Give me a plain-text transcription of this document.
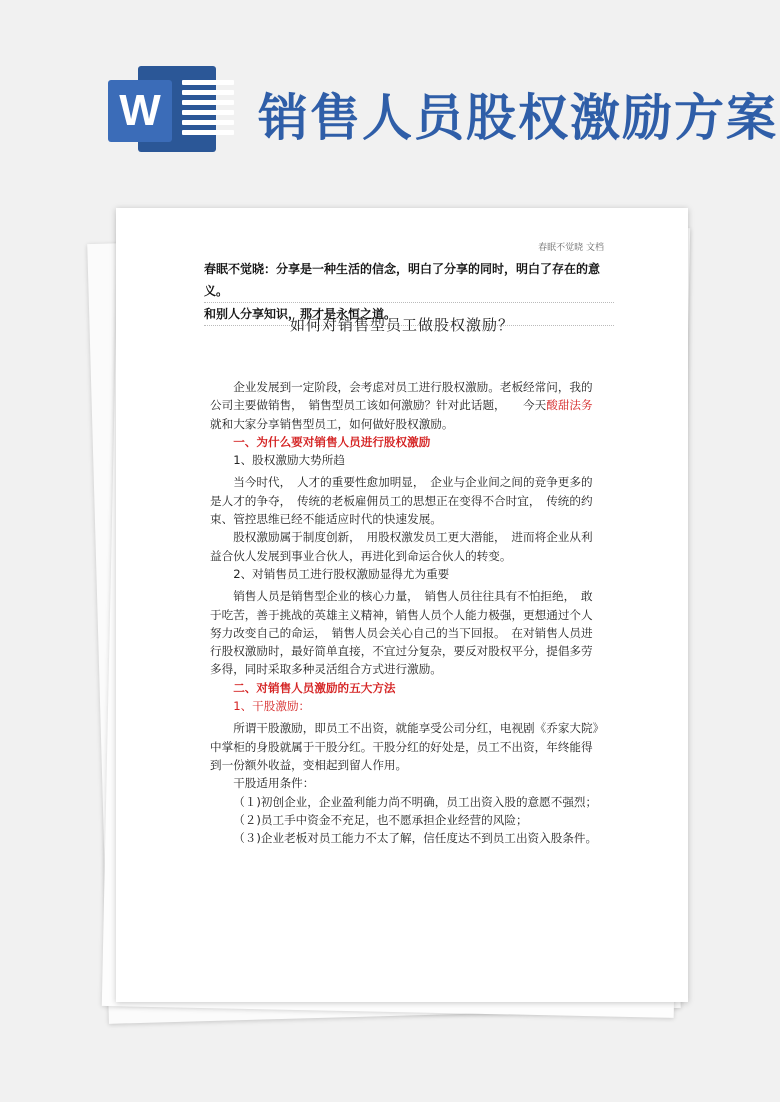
W 销售人员股权激励方案
春眠不觉晓 文档
春眠不觉晓：分享是一种生活的信念，明白了分享的同时，明白了存在的意义。
和别人分享知识，那才是永恒之道。
如何对销售型员工做股权激励？

企业发展到一定阶段，会考虑对员工进行股权激励。老板经常问，我的公司主要做销售，　销售型员工该如何激励？针对此话题，　　今天酸甜法务就和大家分享销售型员工，如何做好股权激励。

一、为什么要对销售人员进行股权激励

1、股权激励大势所趋

当今时代，　人才的重要性愈加明显，　企业与企业间之间的竞争更多的是人才的争夺，　传统的老板雇佣员工的思想正在变得不合时宜，　传统的约束、管控思维已经不能适应时代的快速发展。

股权激励属于制度创新，　用股权激发员工更大潜能，　进而将企业从利益合伙人发展到事业合伙人，再进化到命运合伙人的转变。

2、对销售员工进行股权激励显得尤为重要

销售人员是销售型企业的核心力量，　销售人员往往具有不怕拒绝，　敢于吃苦，善于挑战的英雄主义精神，销售人员个人能力极强，更想通过个人努力改变自己的命运，　销售人员会关心自己的当下回报。　在对销售人员进行股权激励时，最好简单直接，不宜过分复杂，要反对股权平分，提倡多劳多得，同时采取多种灵活组合方式进行激励。

二、对销售人员激励的五大方法

1、干股激励：

所谓干股激励，即员工不出资，就能享受公司分红，电视剧《乔家大院》中掌柜的身股就属于干股分红。干股分红的好处是，员工不出资，年终能得到一份额外收益，变相起到留人作用。

干股适用条件：

（１)初创企业，企业盈利能力尚不明确，员工出资入股的意愿不强烈；

（２)员工手中资金不充足，也不愿承担企业经营的风险；

（３)企业老板对员工能力不太了解，信任度达不到员工出资入股条件。
